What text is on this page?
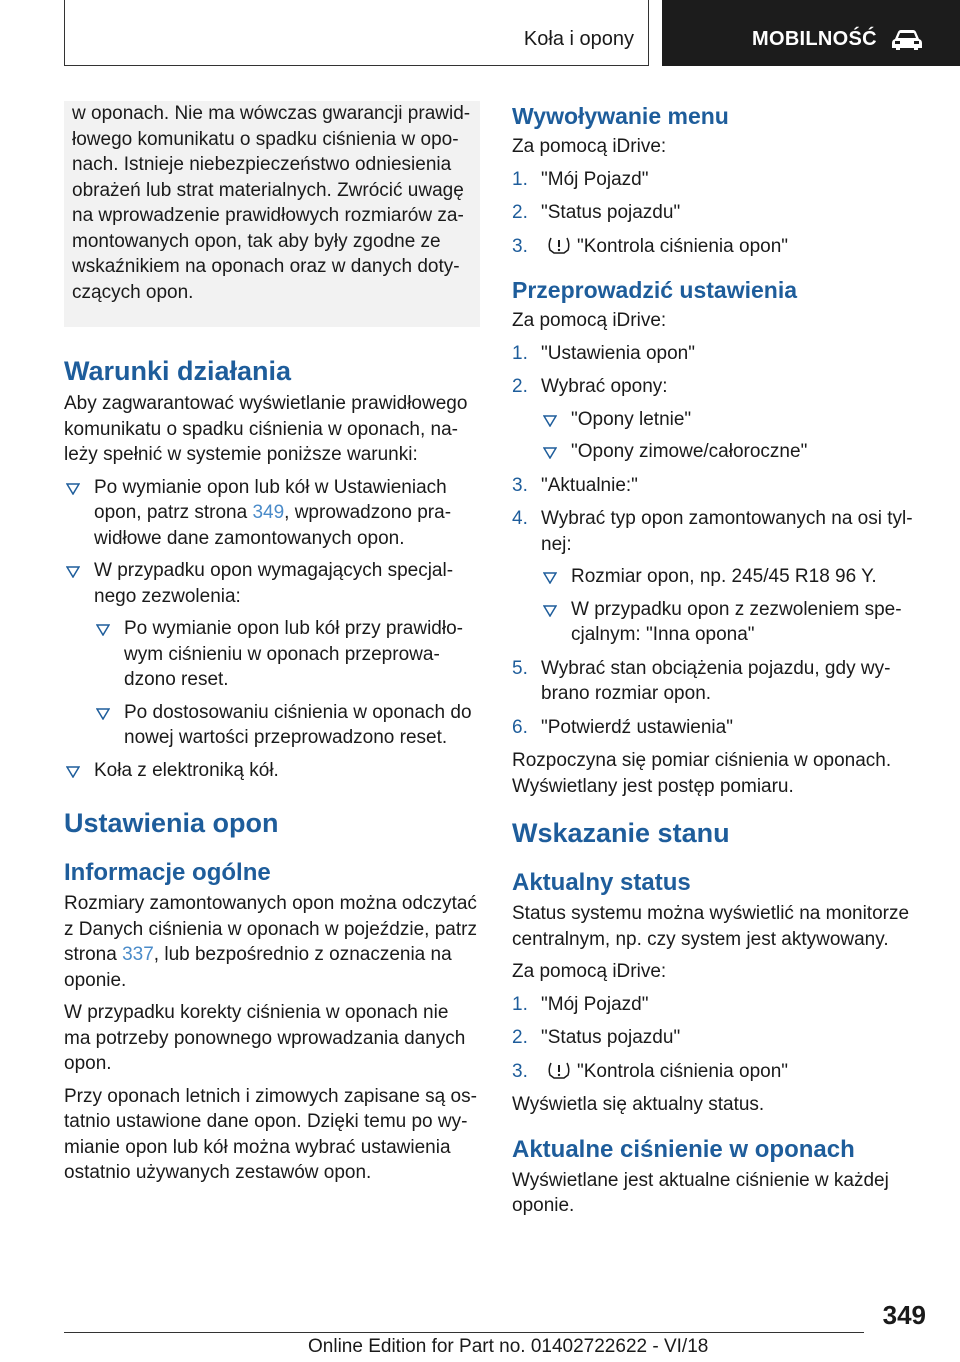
Koła i opony	MOBILNOŚĆ

w oponach. Nie ma wówczas gwarancji prawidłowego komunikatu o spadku ciśnienia w oponach. Istnieje niebezpieczeństwo odniesienia obrażeń lub strat materialnych. Zwrócić uwagę na wprowadzenie prawidłowych rozmiarów zamontowanych opon, tak aby były zgodne ze wskaźnikiem na oponach oraz w danych dotyczących opon.

Warunki działania

Aby zagwarantować wyświetlanie prawidłowego komunikatu o spadku ciśnienia w oponach, należy spełnić w systemie poniższe warunki:

Po wymianie opon lub kół w Ustawieniach opon, patrz strona 349, wprowadzono prawidłowe dane zamontowanych opon.
W przypadku opon wymagających specjalnego zezwolenia:
Po wymianie opon lub kół przy prawidłowym ciśnieniu w oponach przeprowadzono reset.
Po dostosowaniu ciśnienia w oponach do nowej wartości przeprowadzono reset.
Koła z elektroniką kół.
Ustawienia opon
Informacje ogólne

Rozmiary zamontowanych opon można odczytać z Danych ciśnienia w oponach w pojeździe, patrz strona 337, lub bezpośrednio z oznaczenia na oponie.

W przypadku korekty ciśnienia w oponach nie ma potrzeby ponownego wprowadzania danych opon.

Przy oponach letnich i zimowych zapisane są ostatnio ustawione dane opon. Dzięki temu po wymianie opon lub kół można wybrać ustawienia ostatnio używanych zestawów opon.

Wywoływanie menu

Za pomocą iDrive:

1. "Mój Pojazd"
2. "Status pojazdu"
3.	"Kontrola ciśnienia opon"
Przeprowadzić ustawienia

Za pomocą iDrive:

1. "Ustawienia opon"
2. Wybrać opony:
"Opony letnie"
"Opony zimowe/całoroczne"
3. "Aktualnie:"
4. Wybrać typ opon zamontowanych na osi tylnej:
Rozmiar opon, np. 245/45 R18 96 Y.
W przypadku opon z zezwoleniem specjalnym: "Inna opona"
5. Wybrać stan obciążenia pojazdu, gdy wybrano rozmiar opon.
6. "Potwierdź ustawienia"

Rozpoczyna się pomiar ciśnienia w oponach. Wyświetlany jest postęp pomiaru.

Wskazanie stanu
Aktualny status

Status systemu można wyświetlić na monitorze centralnym, np. czy system jest aktywowany.

Za pomocą iDrive:

1. "Mój Pojazd"
2. "Status pojazdu"
3.	"Kontrola ciśnienia opon"

Wyświetla się aktualny status.

Aktualne ciśnienie w oponach

Wyświetlane jest aktualne ciśnienie w każdej oponie.

349
Online Edition for Part no. 01402722622 - VI/18
